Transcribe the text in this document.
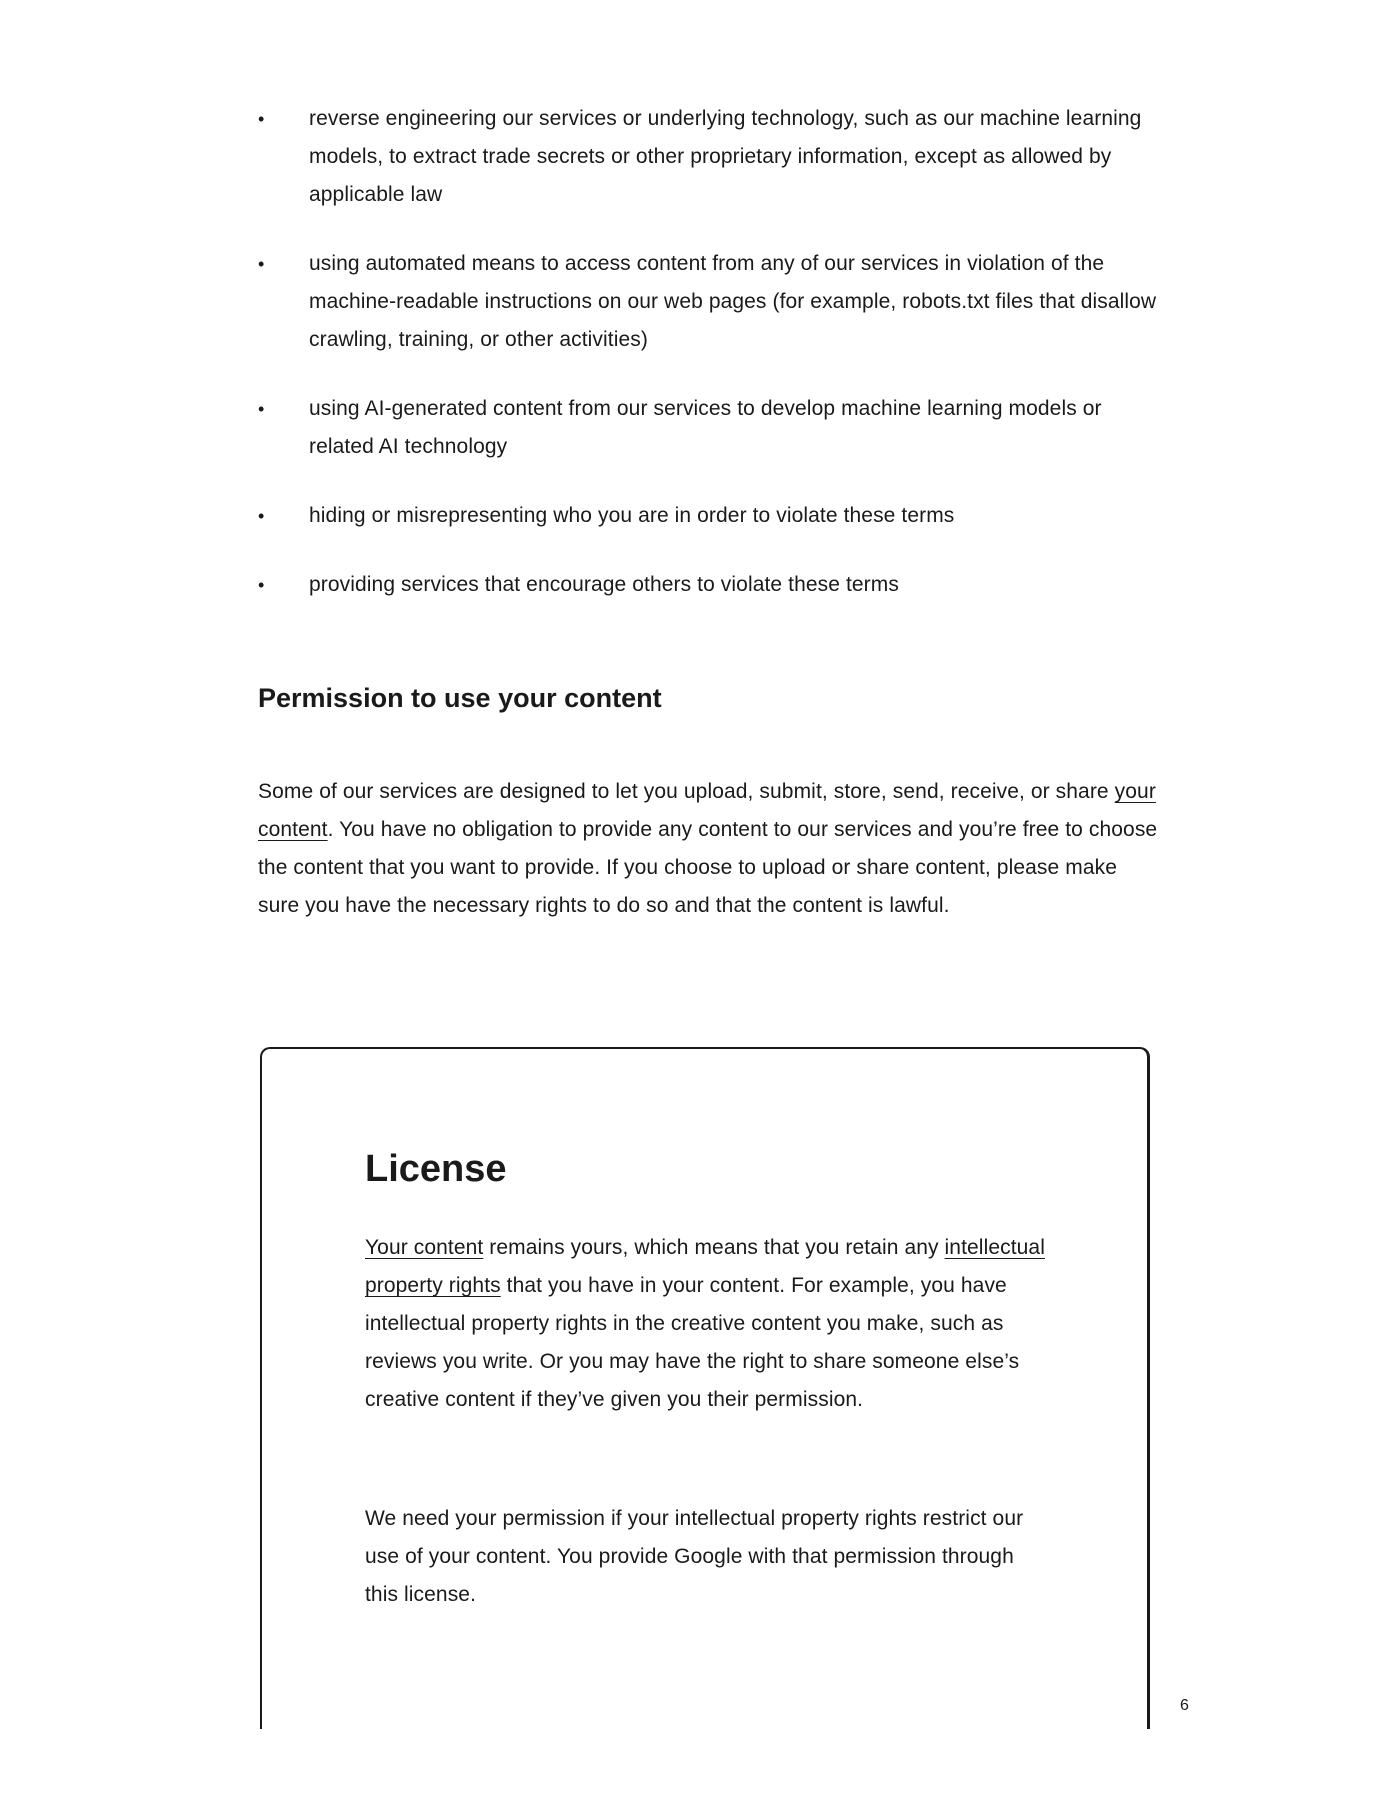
•	reverse engineering our services or underlying technology, such as our machine learning models, to extract trade secrets or other proprietary information, except as allowed by applicable law
•	using automated means to access content from any of our services in violation of the machine-readable instructions on our web pages (for example, robots.txt files that disallow crawling, training, or other activities)
•	using AI-generated content from our services to develop machine learning models or related AI technology
•	hiding or misrepresenting who you are in order to violate these terms
•	providing services that encourage others to violate these terms
Permission to use your content

Some of our services are designed to let you upload, submit, store, send, receive, or share your content. You have no obligation to provide any content to our services and you’re free to choose the content that you want to provide. If you choose to upload or share content, please make sure you have the necessary rights to do so and that the content is lawful.

License

Your content remains yours, which means that you retain any intellectual property rights that you have in your content. For example, you have intellectual property rights in the creative content you make, such as reviews you write. Or you may have the right to share someone else’s creative content if they’ve given you their permission.

We need your permission if your intellectual property rights restrict our use of your content. You provide Google with that permission through this license.

6
